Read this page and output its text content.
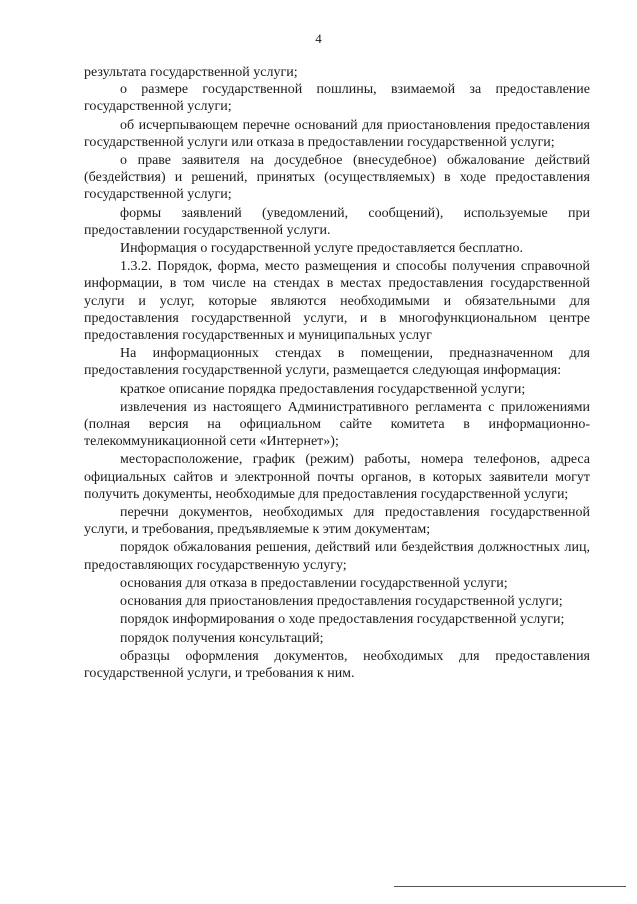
4

результата государственной услуги;

о размере государственной пошлины, взимаемой за предоставление государственной услуги;

об исчерпывающем перечне оснований для приостановления предоставления государственной услуги или отказа в предоставлении государственной услуги;

о праве заявителя на досудебное (внесудебное) обжалование действий (бездействия) и решений, принятых (осуществляемых) в ходе предоставления государственной услуги;

формы заявлений (уведомлений, сообщений), используемые при предоставлении государственной услуги.

Информация о государственной услуге предоставляется бесплатно.

1.3.2. Порядок, форма, место размещения и способы получения справочной информации, в том числе на стендах в местах предоставления государственной услуги и услуг, которые являются необходимыми и обязательными для предоставления государственной услуги, и в многофункциональном центре предоставления государственных и муниципальных услуг

На информационных стендах в помещении, предназначенном для предоставления государственной услуги, размещается следующая информация:

краткое описание порядка предоставления государственной услуги;

извлечения из настоящего Административного регламента с приложениями (полная версия на официальном сайте комитета в информационно-телекоммуникационной сети «Интернет»);

месторасположение, график (режим) работы, номера телефонов, адреса официальных сайтов и электронной почты органов, в которых заявители могут получить документы, необходимые для предоставления государственной услуги;

перечни документов, необходимых для предоставления государственной услуги, и требования, предъявляемые к этим документам;

порядок обжалования решения, действий или бездействия должностных лиц, предоставляющих государственную услугу;

основания для отказа в предоставлении государственной услуги;

основания для приостановления предоставления государственной услуги;

порядок информирования о ходе предоставления государственной услуги;

порядок получения консультаций;

образцы оформления документов, необходимых для предоставления государственной услуги, и требования к ним.
